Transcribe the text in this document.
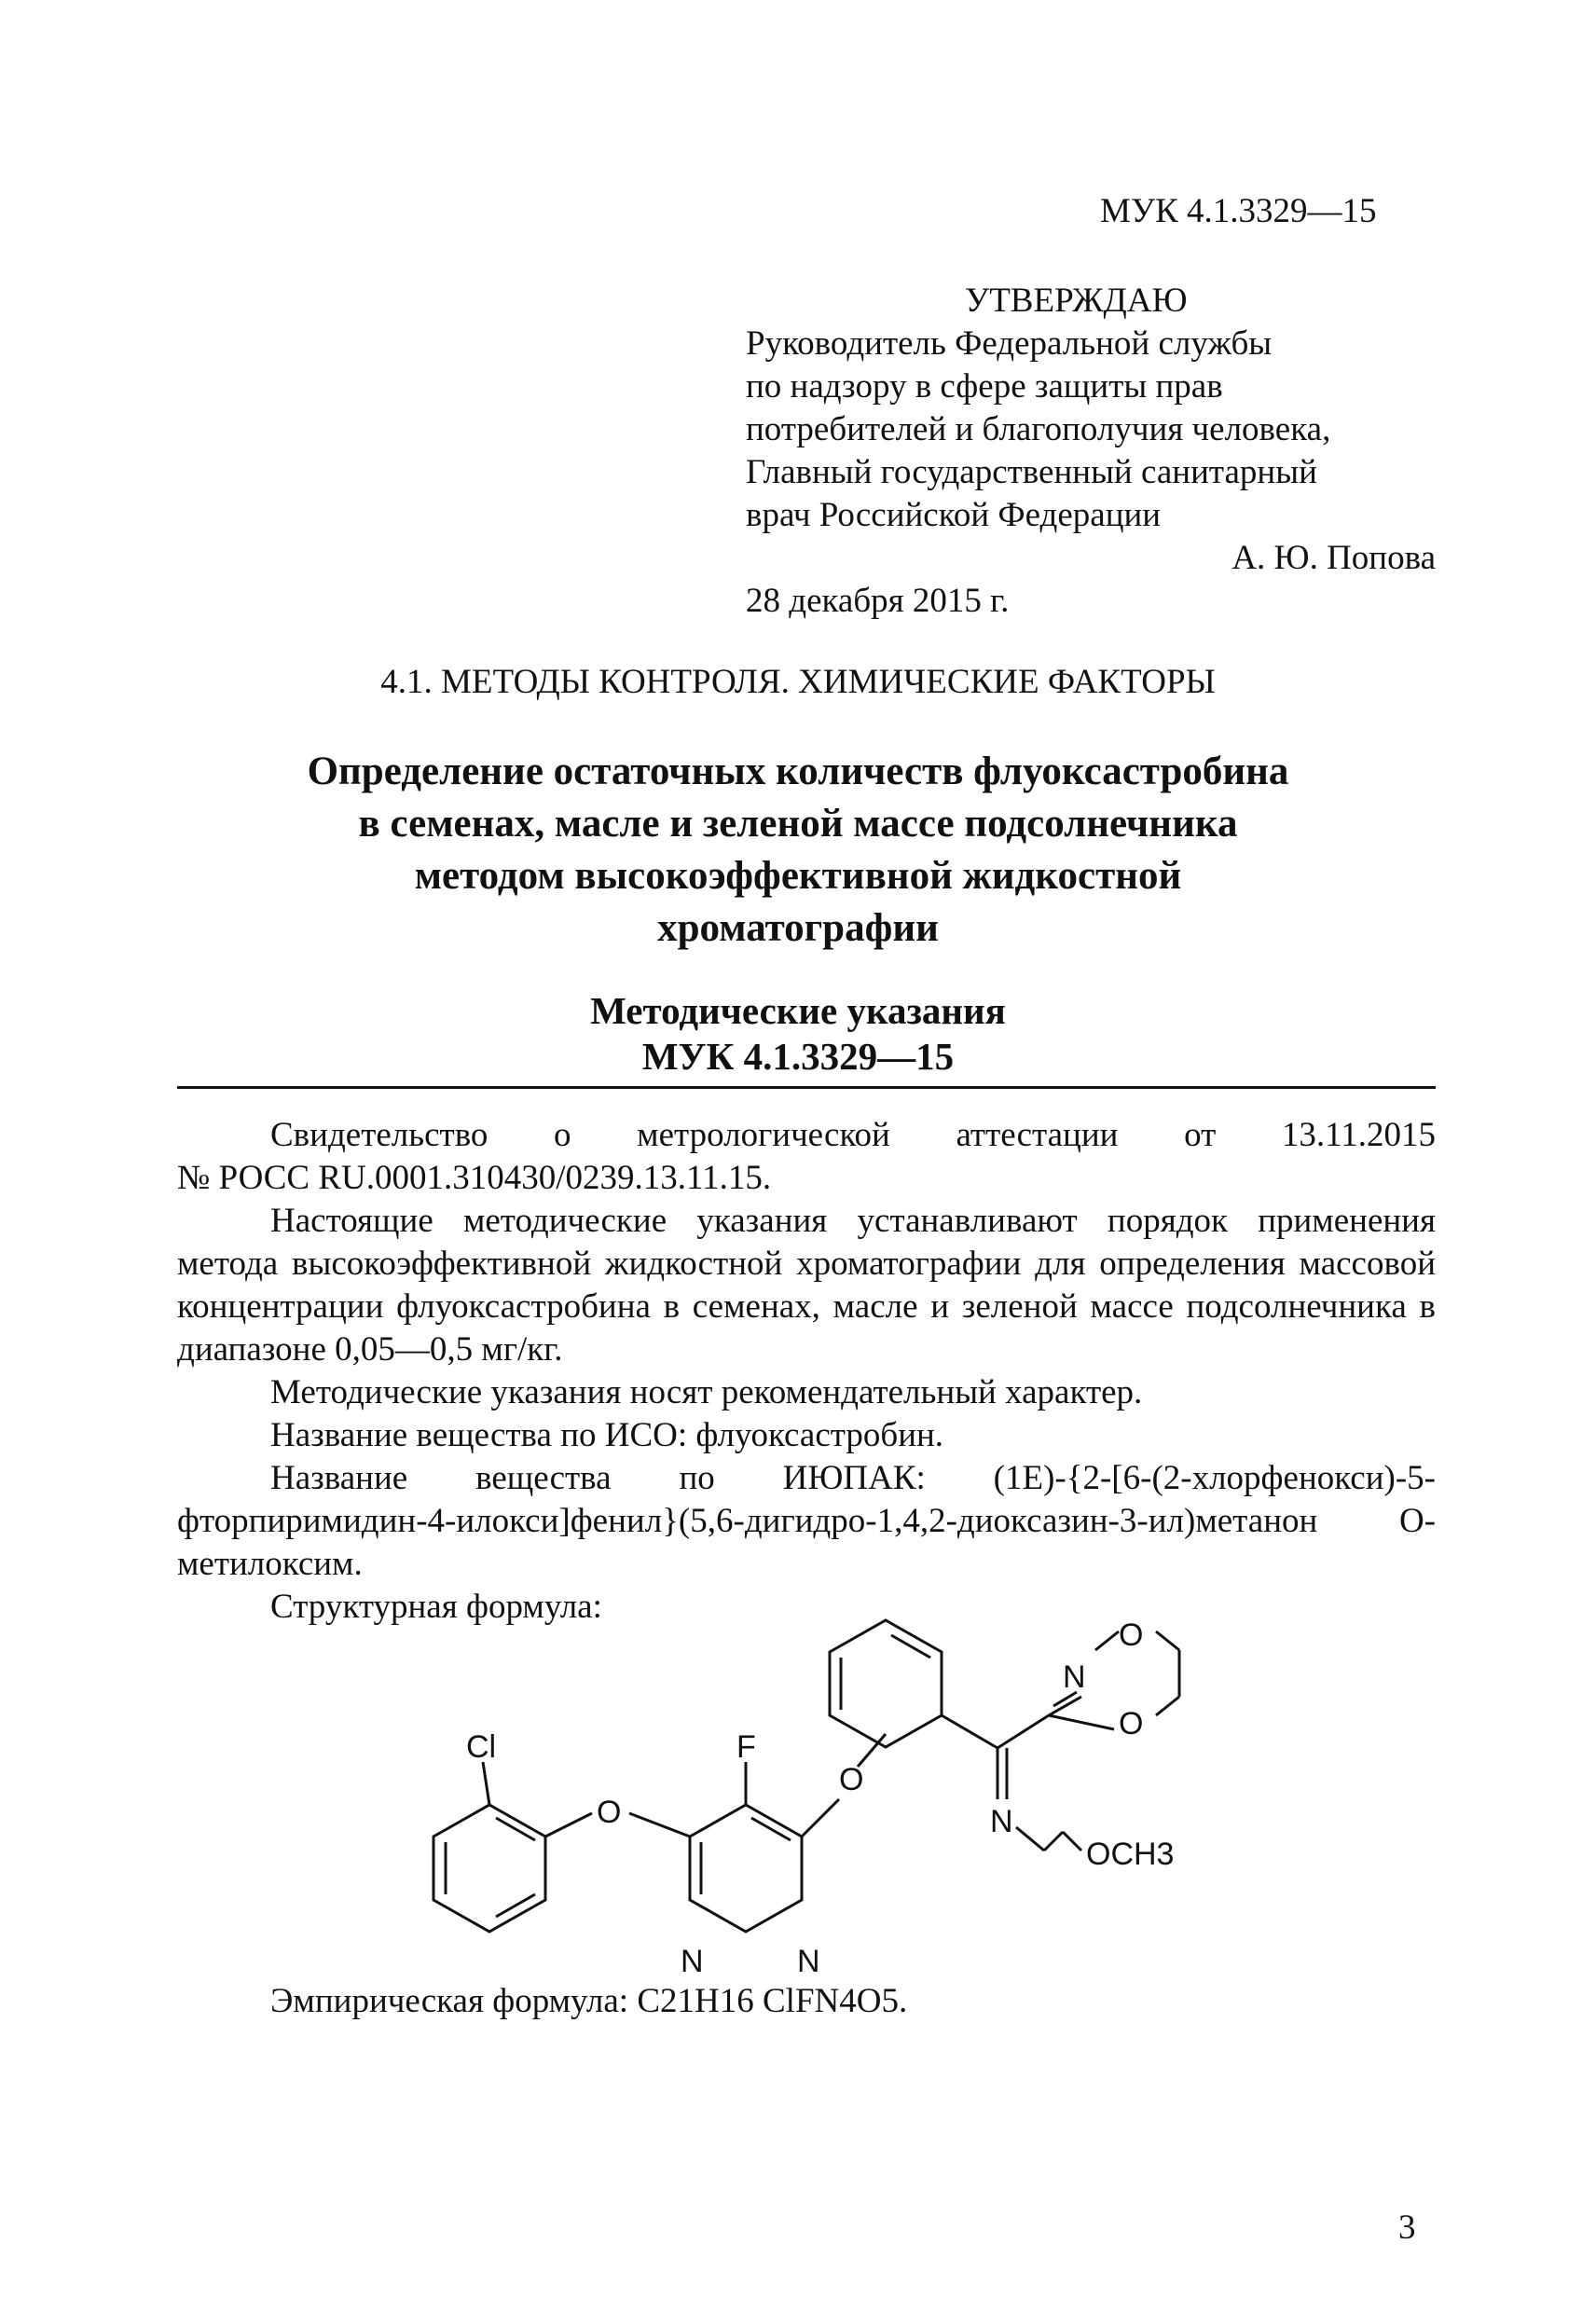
МУК 4.1.3329—15
УТВЕРЖДАЮ
Руководитель Федеральной службы
по надзору в сфере защиты прав
потребителей и благополучия человека,
Главный государственный санитарный
врач Российской Федерации
А. Ю. Попова
28 декабря 2015 г.
4.1. МЕТОДЫ КОНТРОЛЯ. ХИМИЧЕСКИЕ ФАКТОРЫ
Определение остаточных количеств флуоксастробина
в семенах, масле и зеленой массе подсолнечника
методом высокоэффективной жидкостной
хроматографии
Методические указания
МУК 4.1.3329—15

Свидетельство о метрологической аттестации от 13.11.2015

№ РОСС RU.0001.310430/0239.13.11.15.

Настоящие методические указания устанавливают порядок применения метода высокоэффективной жидкостной хроматографии для определения массовой концентрации флуоксастробина в семенах, масле и зеленой массе подсолнечника в диапазоне 0,05—0,5 мг/кг.

Методические указания носят рекомендательный характер.

Название вещества по ИСО: флуоксастробин.

Название вещества по ИЮПАК: (1Е)-{2-[6-(2-хлорфенокси)-5-фторпиримидин-4-илокси]фенил}(5,6-дигидро-1,4,2-диоксазин-3-ил)метанон О-метилоксим.

Структурная формула:

Cl	F
O
O
O
O
N	N
N
N
OCH3
Эмпирическая формула: C21H16 ClFN4O5.
3
